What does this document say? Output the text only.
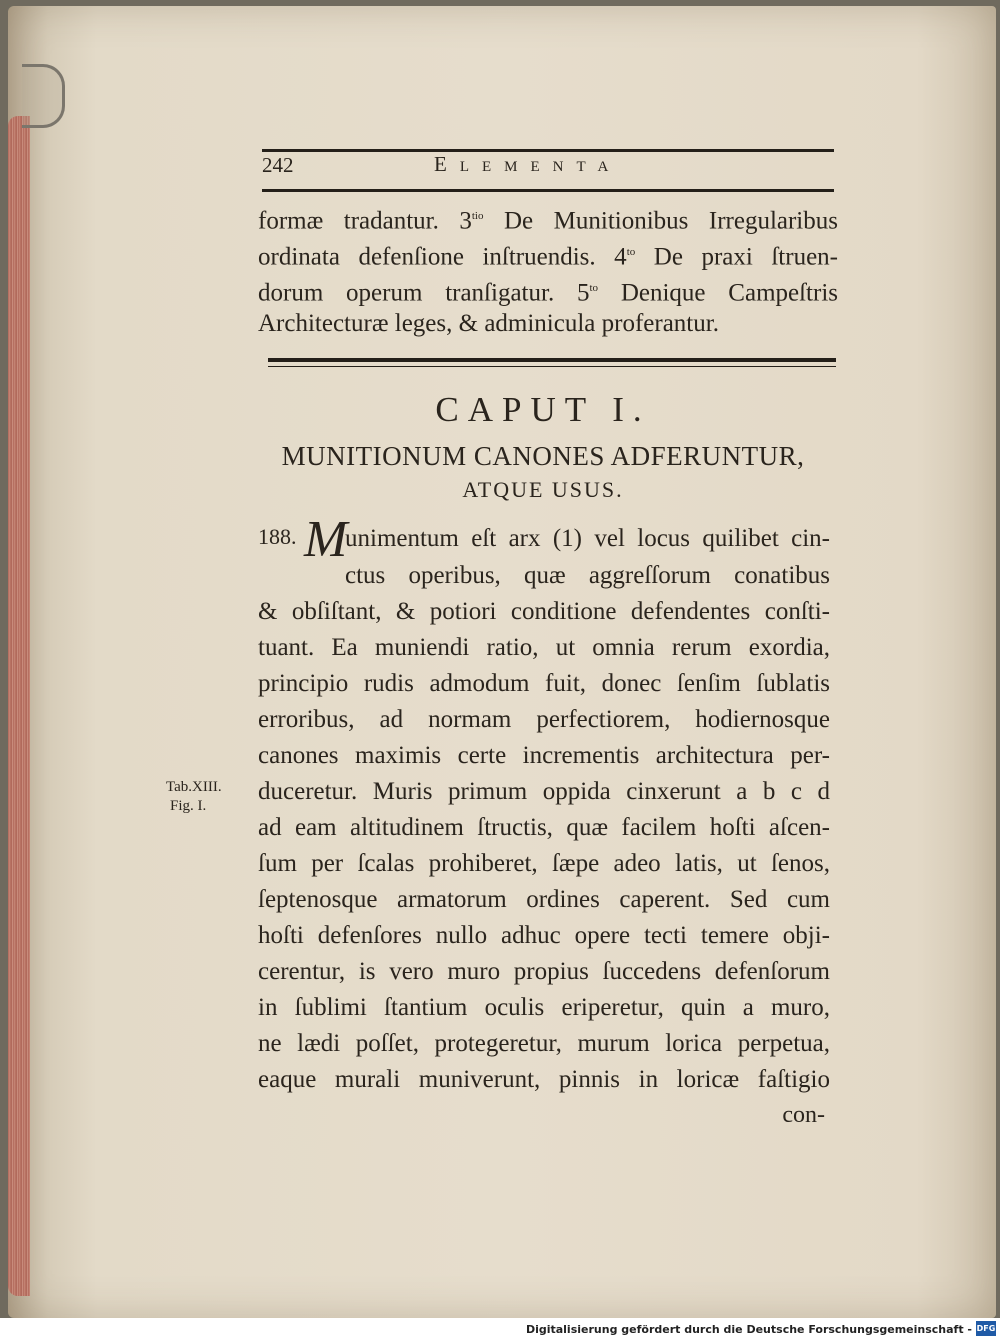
242	Elementa
formæ tradantur. $3^{tio}$ De Munitionibus Irregularibus
ordinata defenſione inſtruendis. $4^{to}$ De praxi ſtruen-
dorum operum tranſigatur. $5^{to}$ Denique Campeſtris
Architecturæ leges, & adminicula proferantur.
CAPUT I.
MUNITIONUM CANONES ADFERUNTUR,
ATQUE USUS.
188. M
unimentum eſt arx (1) vel locus quilibet cin-
ctus operibus, quæ aggreſſorum conatibus
& obſiſtant, & potiori conditione defendentes conſti-
tuant. Ea muniendi ratio, ut omnia rerum exordia,
principio rudis admodum fuit, donec ſenſim ſublatis
erroribus, ad normam perfectiorem, hodiernosque
canones maximis certe incrementis architectura per-
duceretur. Muris primum oppida cinxerunt a b c d
ad eam altitudinem ſtructis, quæ facilem hoſti aſcen-
ſum per ſcalas prohiberet, ſæpe adeo latis, ut ſenos,
ſeptenosque armatorum ordines caperent. Sed cum
hoſti defenſores nullo adhuc opere tecti temere obji-
cerentur, is vero muro propius ſuccedens defenſorum
in ſublimi ſtantium oculis eriperetur, quin a muro,
ne lædi poſſet, protegeretur, murum lorica perpetua,
eaque murali muniverunt, pinnis in loricæ faſtigio
con-
Tab.XIII.
Fig. I.
Digitalisierung gefördert durch die Deutsche Forschungsgemeinschaft - DFG
